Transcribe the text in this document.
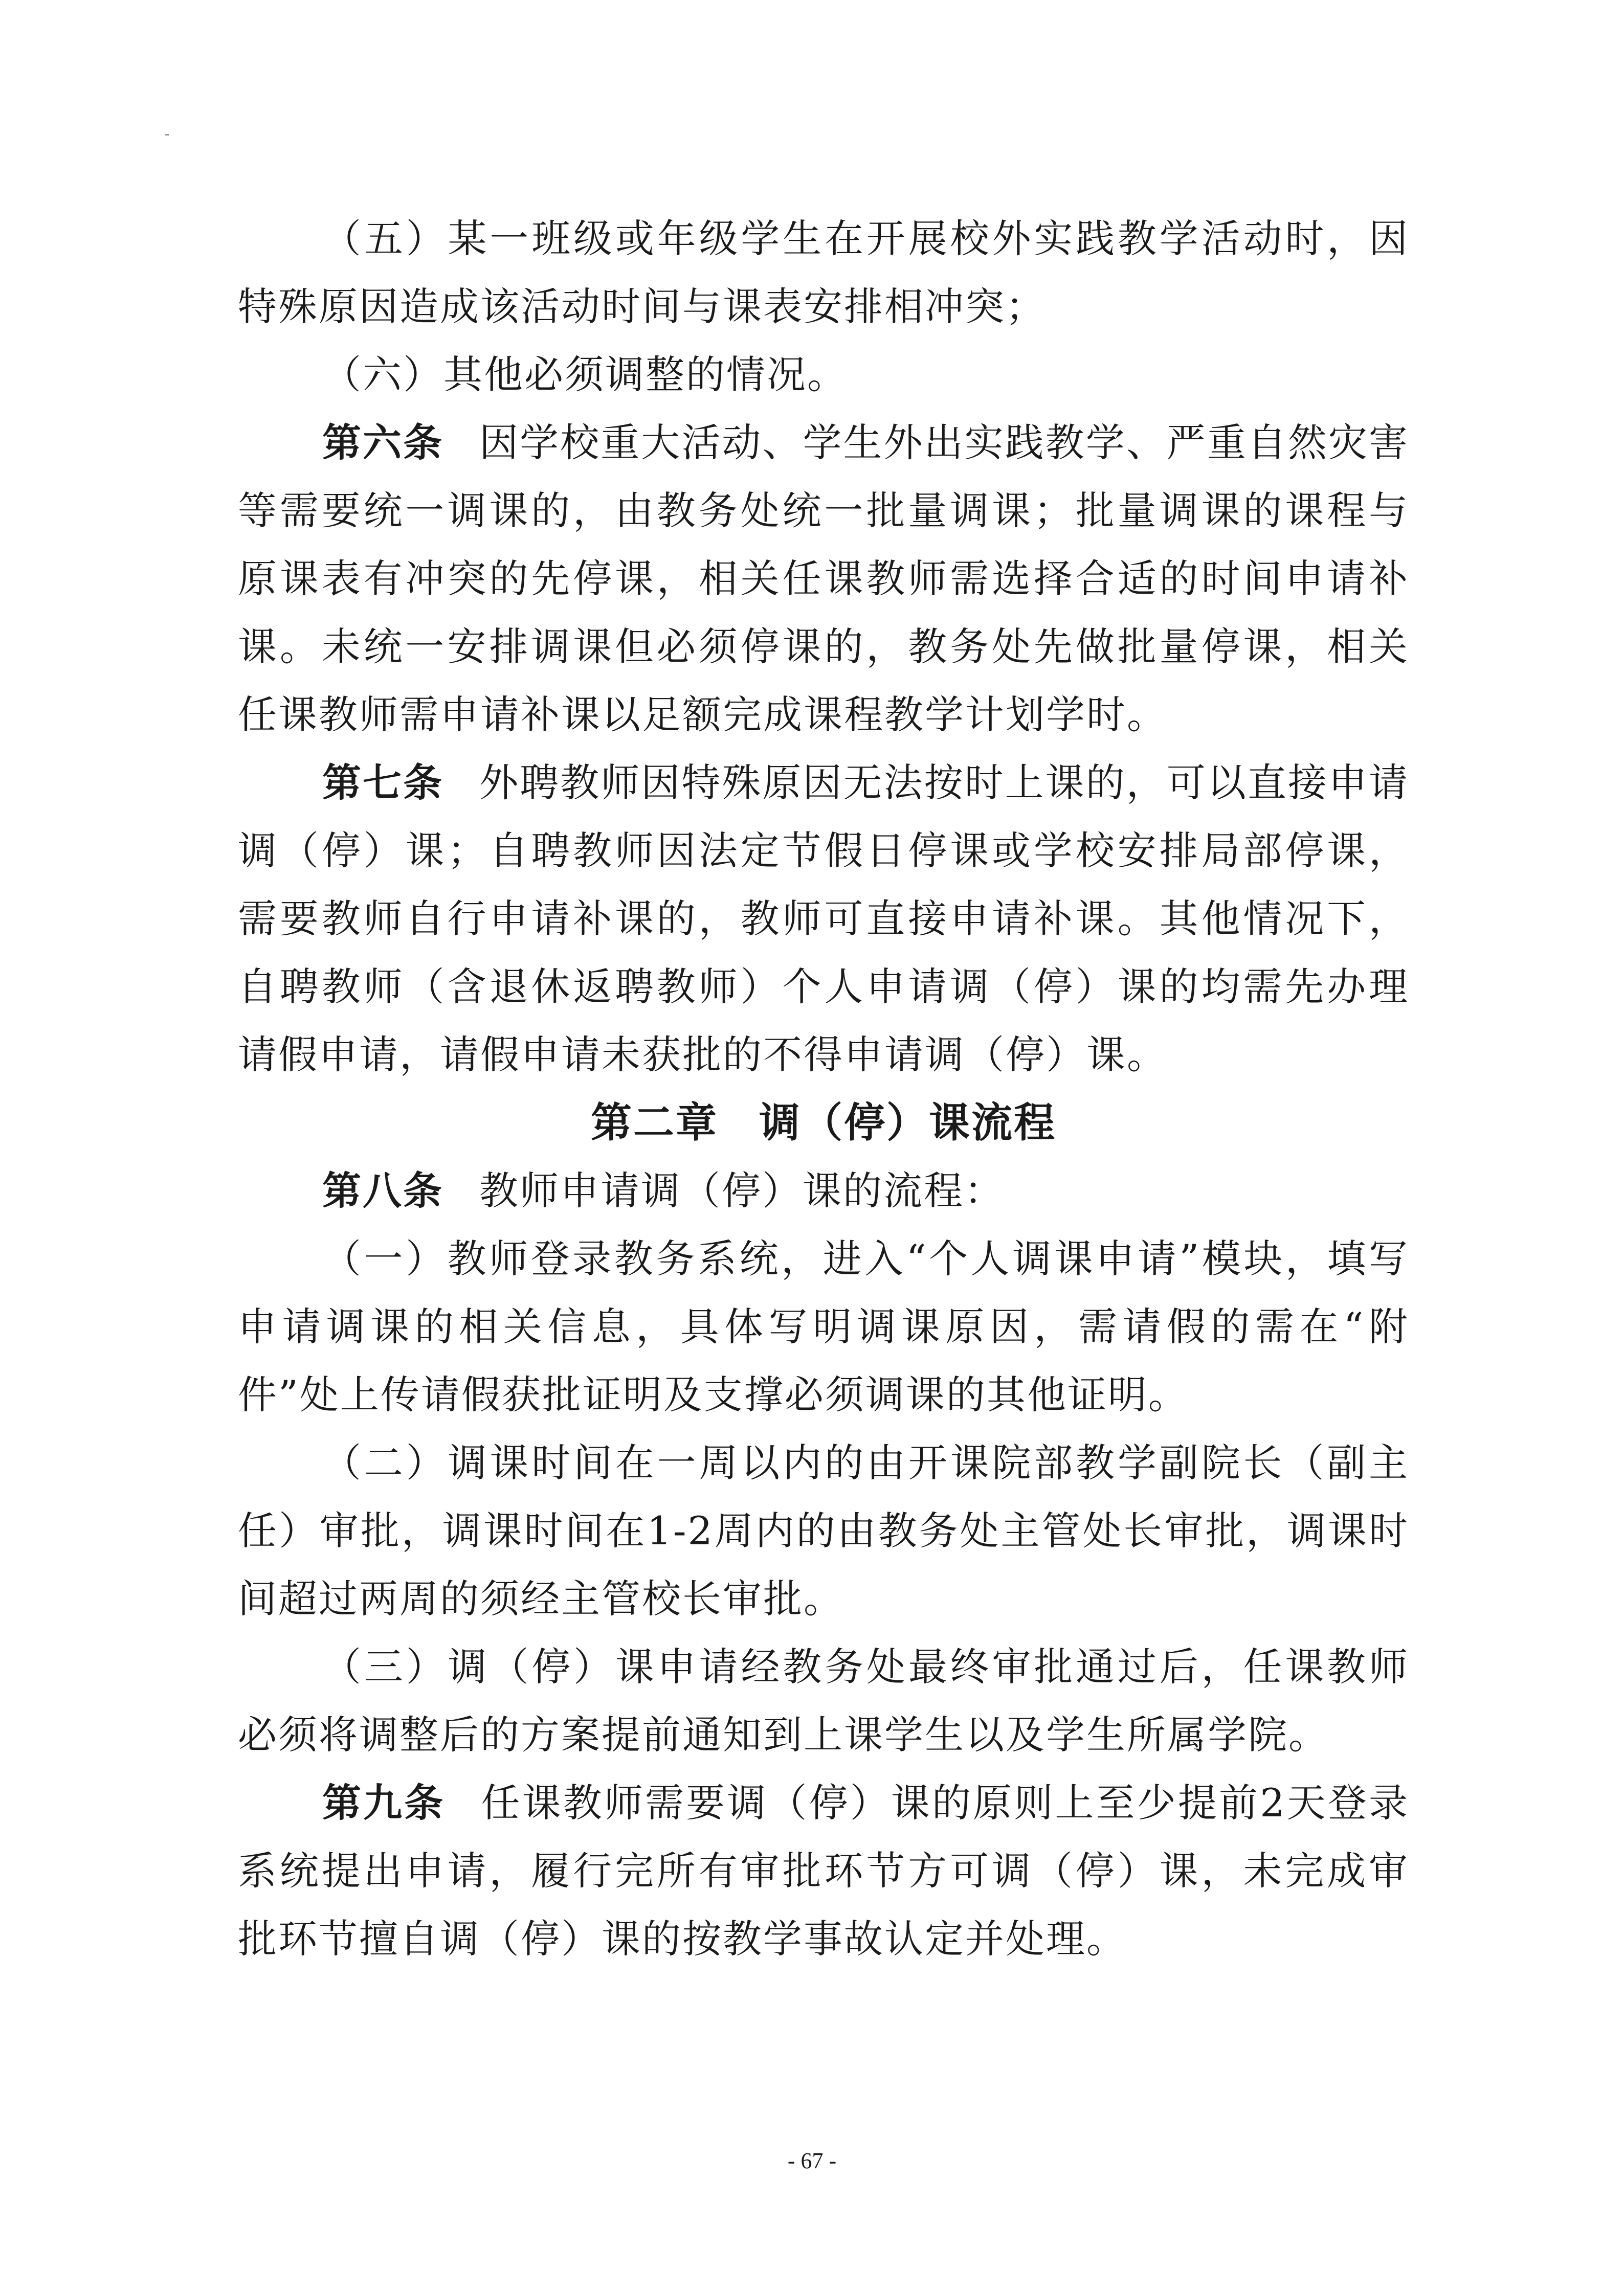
（五）某一班级或年级学生在开展校外实践教学活动时，因特殊原因造成该活动时间与课表安排相冲突；

（六）其他必须调整的情况。

第六条 因学校重大活动、学生外出实践教学、严重自然灾害等需要统一调课的，由教务处统一批量调课；批量调课的课程与原课表有冲突的先停课，相关任课教师需选择合适的时间申请补课。未统一安排调课但必须停课的，教务处先做批量停课，相关任课教师需申请补课以足额完成课程教学计划学时。

第七条 外聘教师因特殊原因无法按时上课的，可以直接申请调（停）课；自聘教师因法定节假日停课或学校安排局部停课，需要教师自行申请补课的，教师可直接申请补课。其他情况下，自聘教师（含退休返聘教师）个人申请调（停）课的均需先办理请假申请，请假申请未获批的不得申请调（停）课。

第二章 调（停）课流程

第八条 教师申请调（停）课的流程：

（一）教师登录教务系统，进入“个人调课申请”模块，填写申请调课的相关信息，具体写明调课原因，需请假的需在“附件”处上传请假获批证明及支撑必须调课的其他证明。

（二）调课时间在一周以内的由开课院部教学副院长（副主任）审批，调课时间在1-2周内的由教务处主管处长审批，调课时间超过两周的须经主管校长审批。

（三）调（停）课申请经教务处最终审批通过后，任课教师必须将调整后的方案提前通知到上课学生以及学生所属学院。

第九条 任课教师需要调（停）课的原则上至少提前2天登录系统提出申请，履行完所有审批环节方可调（停）课，未完成审批环节擅自调（停）课的按教学事故认定并处理。

- 67 -
